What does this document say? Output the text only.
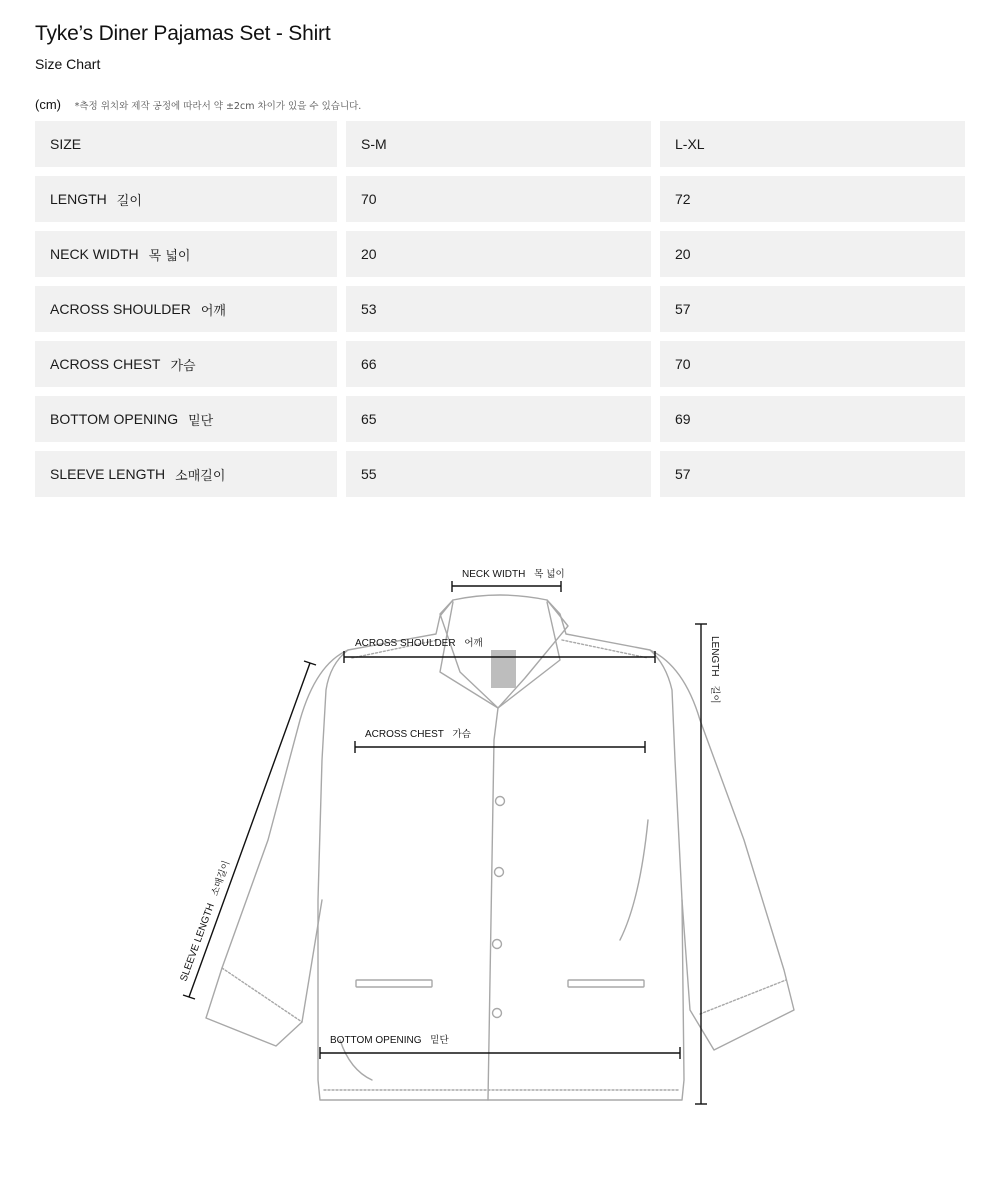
Tyke’s Diner Pajamas Set - Shirt
Size Chart
(cm) *측정 위치와 제작 공정에 따라서 약 ±2cm 차이가 있을 수 있습니다.
SIZE	S-M	L-XL
LENGTH 길이	70	72
NECK WIDTH 목 넓이	20	20
ACROSS SHOULDER 어깨	53	57
ACROSS CHEST 가슴	66	70
BOTTOM OPENING 밑단	65	69
SLEEVE LENGTH 소매길이	55	57
NECK WIDTH 목 넓이
ACROSS SHOULDER 어깨
ACROSS CHEST 가슴
BOTTOM OPENING 밑단
SLEEVE LENGTH 소매길이
LENGTH 길이
